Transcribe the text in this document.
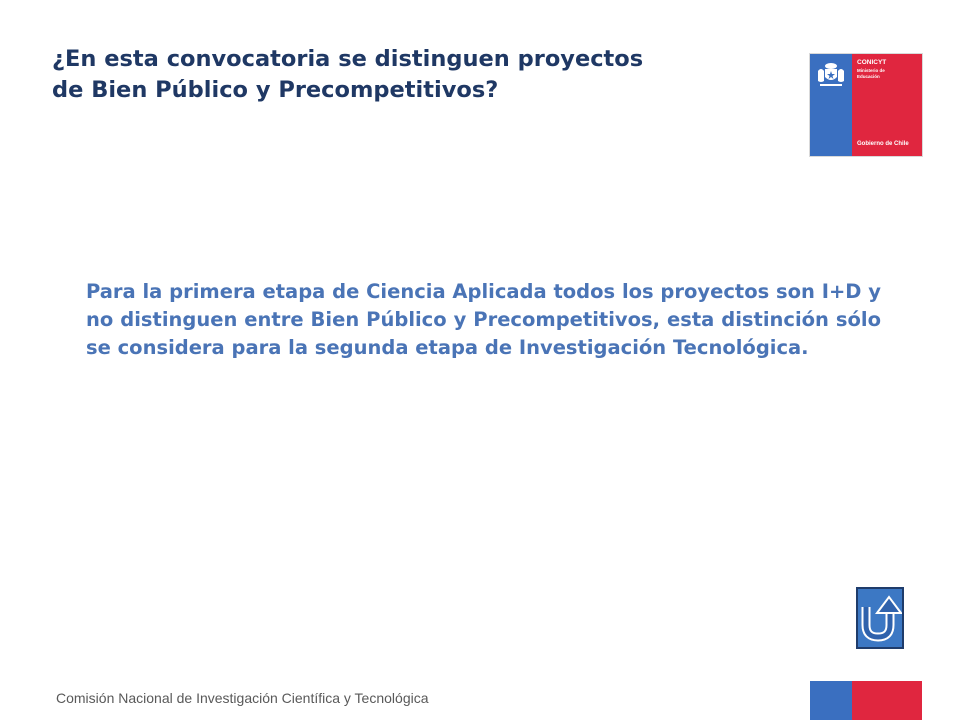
¿En esta convocatoria se distinguen proyectos
de Bien Público y Precompetitivos?
CONICYT
Ministerio de Educación
Gobierno de Chile

Para la primera etapa de Ciencia Aplicada todos los proyectos son I+D y no distinguen entre Bien Público y Precompetitivos, esta distinción sólo se considera para la segunda etapa de Investigación Tecnológica.

Comisión Nacional de Investigación Científica y Tecnológica
